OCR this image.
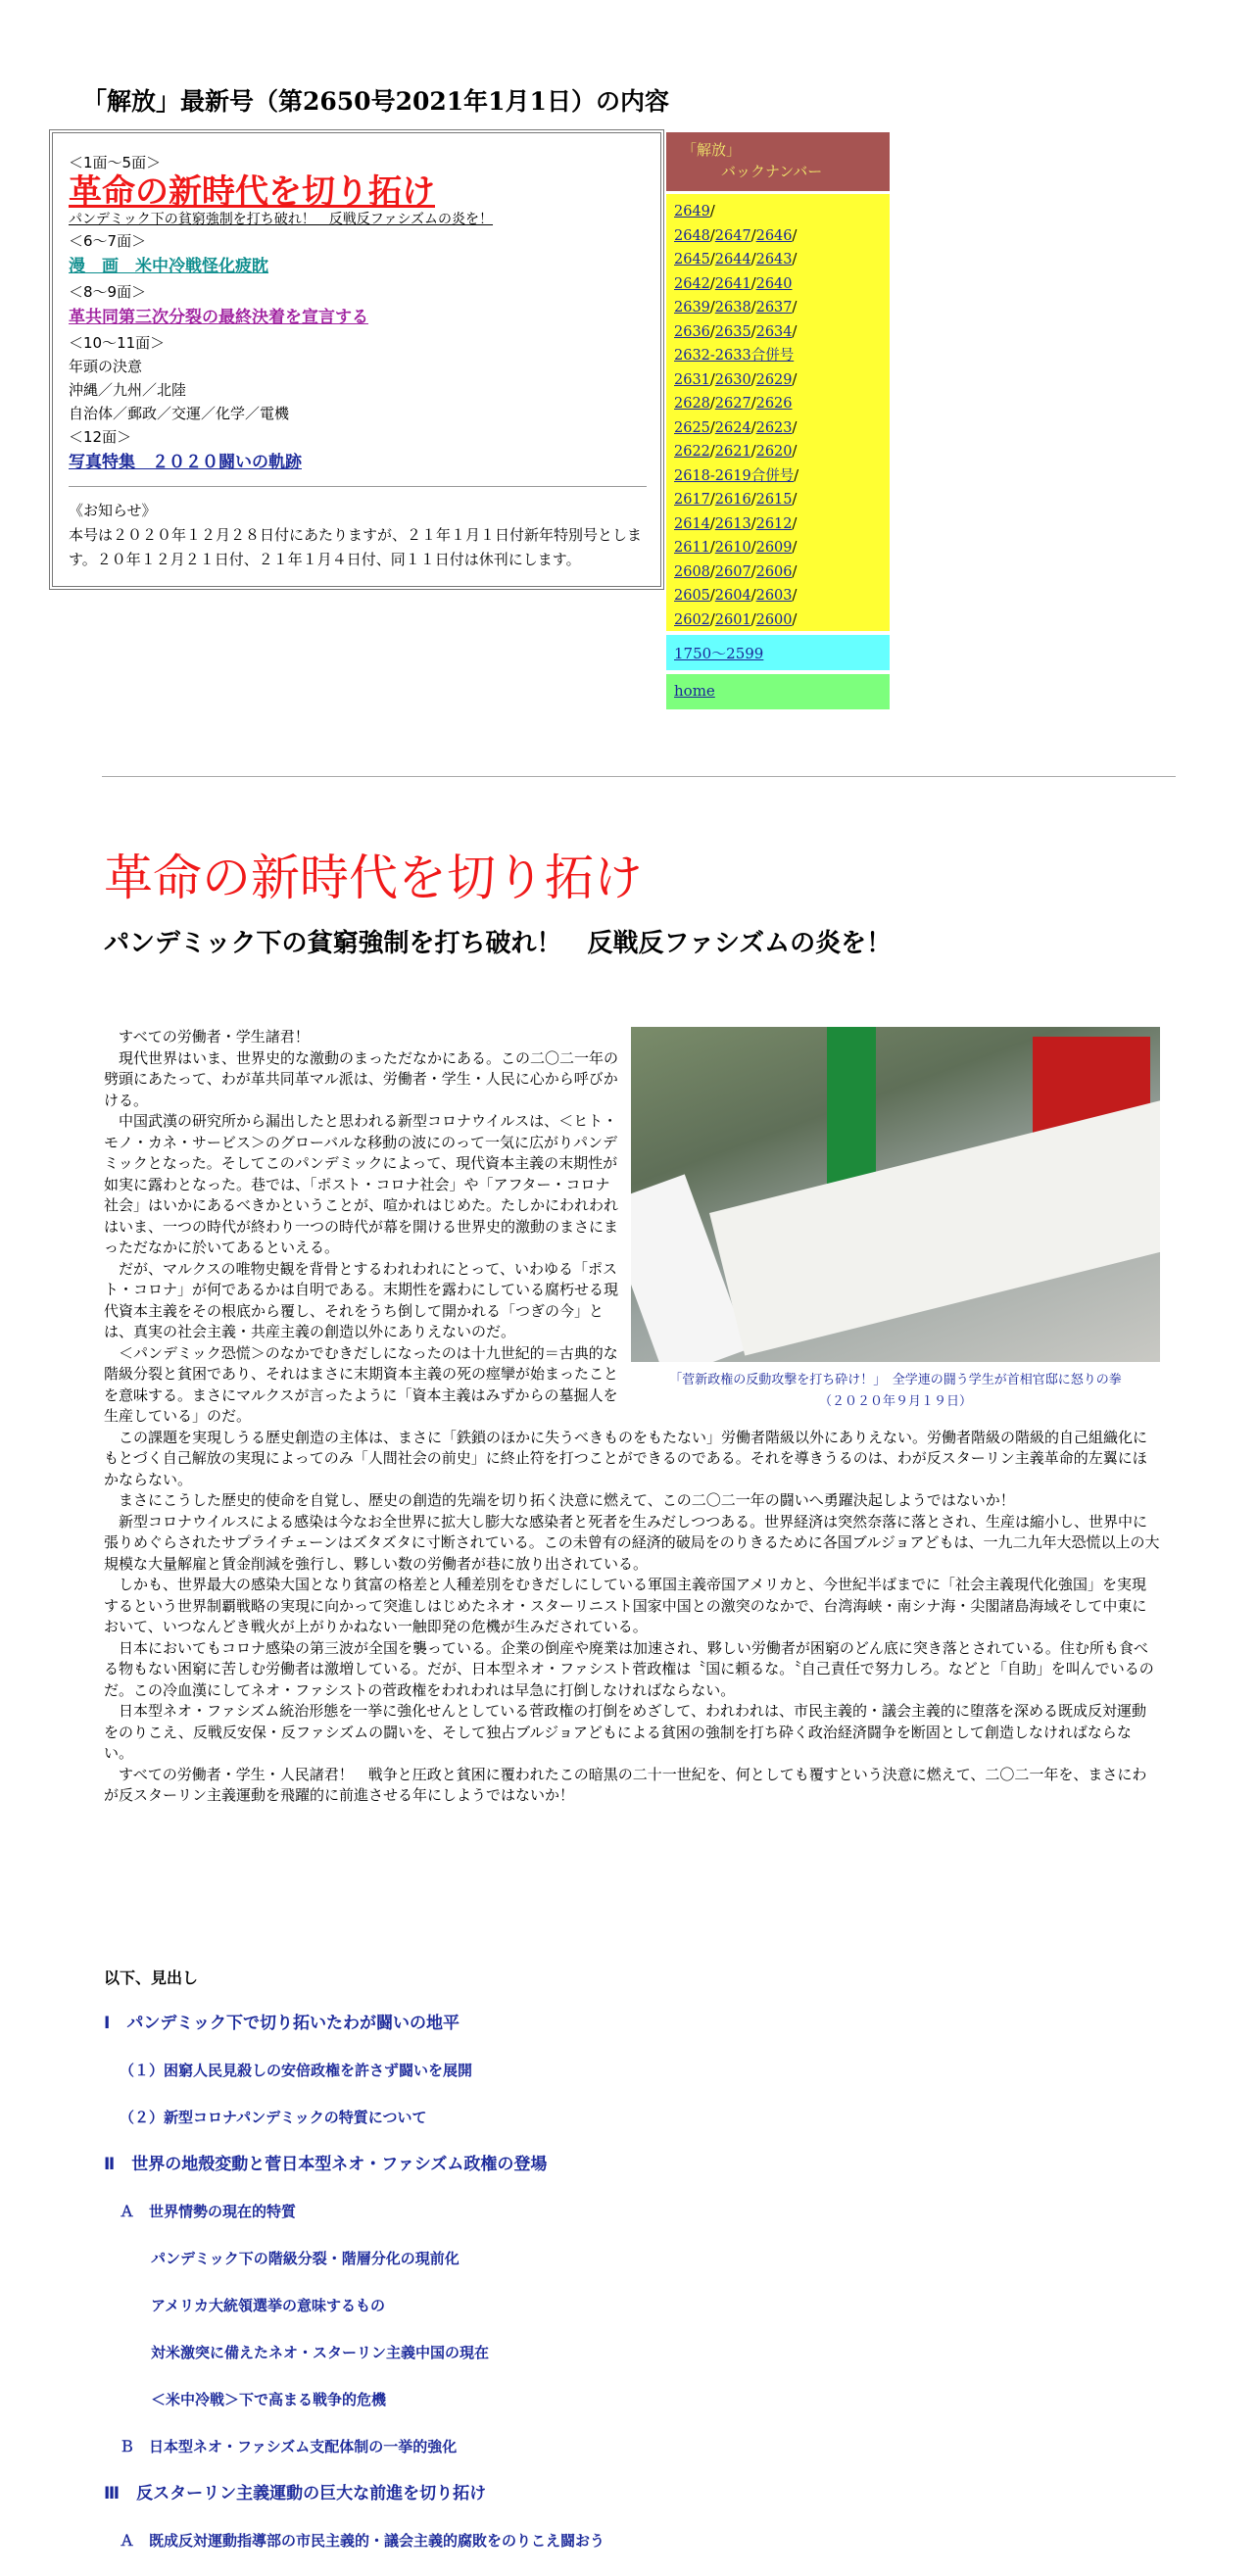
「解放」最新号（第2650号2021年1月1日）の内容
＜1面～5面＞
革命の新時代を切り拓け
パンデミック下の貧窮強制を打ち破れ！　反戦反ファシズムの炎を！
＜6～7面＞
漫　画　米中冷戦怪化疲眈
＜8～9面＞
革共同第三次分裂の最終決着を宣言する
＜10～11面＞
年頭の決意
沖縄／九州／北陸
自治体／郵政／交運／化学／電機
＜12面＞
写真特集　２０２０闘いの軌跡
《お知らせ》
本号は２０２０年１２月２８日付にあたりますが、２１年１月１日付新年特別号とします。２０年１２月２１日付、２１年１月４日付、同１１日付は休刊にします。
「解放」
バックナンバー
2649/
2648/2647/2646/
2645/2644/2643/
2642/2641/2640
2639/2638/2637/
2636/2635/2634/
2632-2633合併号
2631/2630/2629/
2628/2627/2626
2625/2624/2623/
2622/2621/2620/
2618-2619合併号/
2617/2616/2615/
2614/2613/2612/
2611/2610/2609/
2608/2607/2606/
2605/2604/2603/
2602/2601/2600/
1750～2599
home
革命の新時代を切り拓け
パンデミック下の貧窮強制を打ち破れ！　反戦反ファシズムの炎を！
「菅新政権の反動攻撃を打ち砕け！」　全学連の闘う学生が首相官邸に怒りの拳
（２０２０年９月１９日）

すべての労働者・学生諸君！

現代世界はいま、世界史的な激動のまっただなかにある。この二〇二一年の劈頭にあたって、わが革共同革マル派は、労働者・学生・人民に心から呼びかける。

中国武漢の研究所から漏出したと思われる新型コロナウイルスは、＜ヒト・モノ・カネ・サービス＞のグローバルな移動の波にのって一気に広がりパンデミックとなった。そしてこのパンデミックによって、現代資本主義の末期性が如実に露わとなった。巷では、「ポスト・コロナ社会」や「アフター・コロナ社会」はいかにあるべきかということが、喧かれはじめた。たしかにわれわれはいま、一つの時代が終わり一つの時代が幕を開ける世界史的激動のまさにまっただなかに於いてあるといえる。

だが、マルクスの唯物史観を背骨とするわれわれにとって、いわゆる「ポスト・コロナ」が何であるかは自明である。末期性を露わにしている腐朽せる現代資本主義をその根底から覆し、それをうち倒して開かれる「つぎの今」とは、真実の社会主義・共産主義の創造以外にありえないのだ。

＜パンデミック恐慌＞のなかでむきだしになったのは十九世紀的＝古典的な階級分裂と貧困であり、それはまさに末期資本主義の死の痙攣が始まったことを意味する。まさにマルクスが言ったように「資本主義はみずからの墓掘人を生産している」のだ。

この課題を実現しうる歴史創造の主体は、まさに「鉄鎖のほかに失うべきものをもたない」労働者階級以外にありえない。労働者階級の階級的自己組織化にもとづく自己解放の実現によってのみ「人間社会の前史」に終止符を打つことができるのである。それを導きうるのは、わが反スターリン主義革命的左翼にほかならない。

まさにこうした歴史的使命を自覚し、歴史の創造的先端を切り拓く決意に燃えて、この二〇二一年の闘いへ勇躍決起しようではないか！

新型コロナウイルスによる感染は今なお全世界に拡大し膨大な感染者と死者を生みだしつつある。世界経済は突然奈落に落とされ、生産は縮小し、世界中に張りめぐらされたサプライチェーンはズタズタに寸断されている。この未曾有の経済的破局をのりきるために各国ブルジョアどもは、一九二九年大恐慌以上の大規模な大量解雇と賃金削減を強行し、夥しい数の労働者が巷に放り出されている。

しかも、世界最大の感染大国となり貧富の格差と人種差別をむきだしにしている軍国主義帝国アメリカと、今世紀半ばまでに「社会主義現代化強国」を実現するという世界制覇戦略の実現に向かって突進しはじめたネオ・スターリニスト国家中国との激突のなかで、台湾海峡・南シナ海・尖閣諸島海域そして中東において、いつなんどき戦火が上がりかねない一触即発の危機が生みだされている。

日本においてもコロナ感染の第三波が全国を襲っている。企業の倒産や廃業は加速され、夥しい労働者が困窮のどん底に突き落とされている。住む所も食べる物もない困窮に苦しむ労働者は激増している。だが、日本型ネオ・ファシスト菅政権は〝国に頼るな。〝自己責任で努力しろ。などと「自助」を叫んでいるのだ。この冷血漢にしてネオ・ファシストの菅政権をわれわれは早急に打倒しなければならない。

日本型ネオ・ファシズム統治形態を一挙に強化せんとしている菅政権の打倒をめざして、われわれは、市民主義的・議会主義的に堕落を深める既成反対運動をのりこえ、反戦反安保・反ファシズムの闘いを、そして独占ブルジョアどもによる貧困の強制を打ち砕く政治経済闘争を断固として創造しなければならない。

すべての労働者・学生・人民諸君！　戦争と圧政と貧困に覆われたこの暗黒の二十一世紀を、何としても覆すという決意に燃えて、二〇二一年を、まさにわが反スターリン主義運動を飛躍的に前進させる年にしようではないか！

以下、見出し
Ⅰ　パンデミック下で切り拓いたわが闘いの地平
（１）困窮人民見殺しの安倍政権を許さず闘いを展開
（２）新型コロナパンデミックの特質について
Ⅱ　世界の地殻変動と菅日本型ネオ・ファシズム政権の登場
Ａ　世界情勢の現在的特質
パンデミック下の階級分裂・階層分化の現前化
アメリカ大統領選挙の意味するもの
対米激突に備えたネオ・スターリン主義中国の現在
＜米中冷戦＞下で高まる戦争的危機
Ｂ　日本型ネオ・ファシズム支配体制の一挙的強化
Ⅲ　反スターリン主義運動の巨大な前進を切り拓け
Ａ　既成反対運動指導部の市民主義的・議会主義的腐敗をのりこえ闘おう
